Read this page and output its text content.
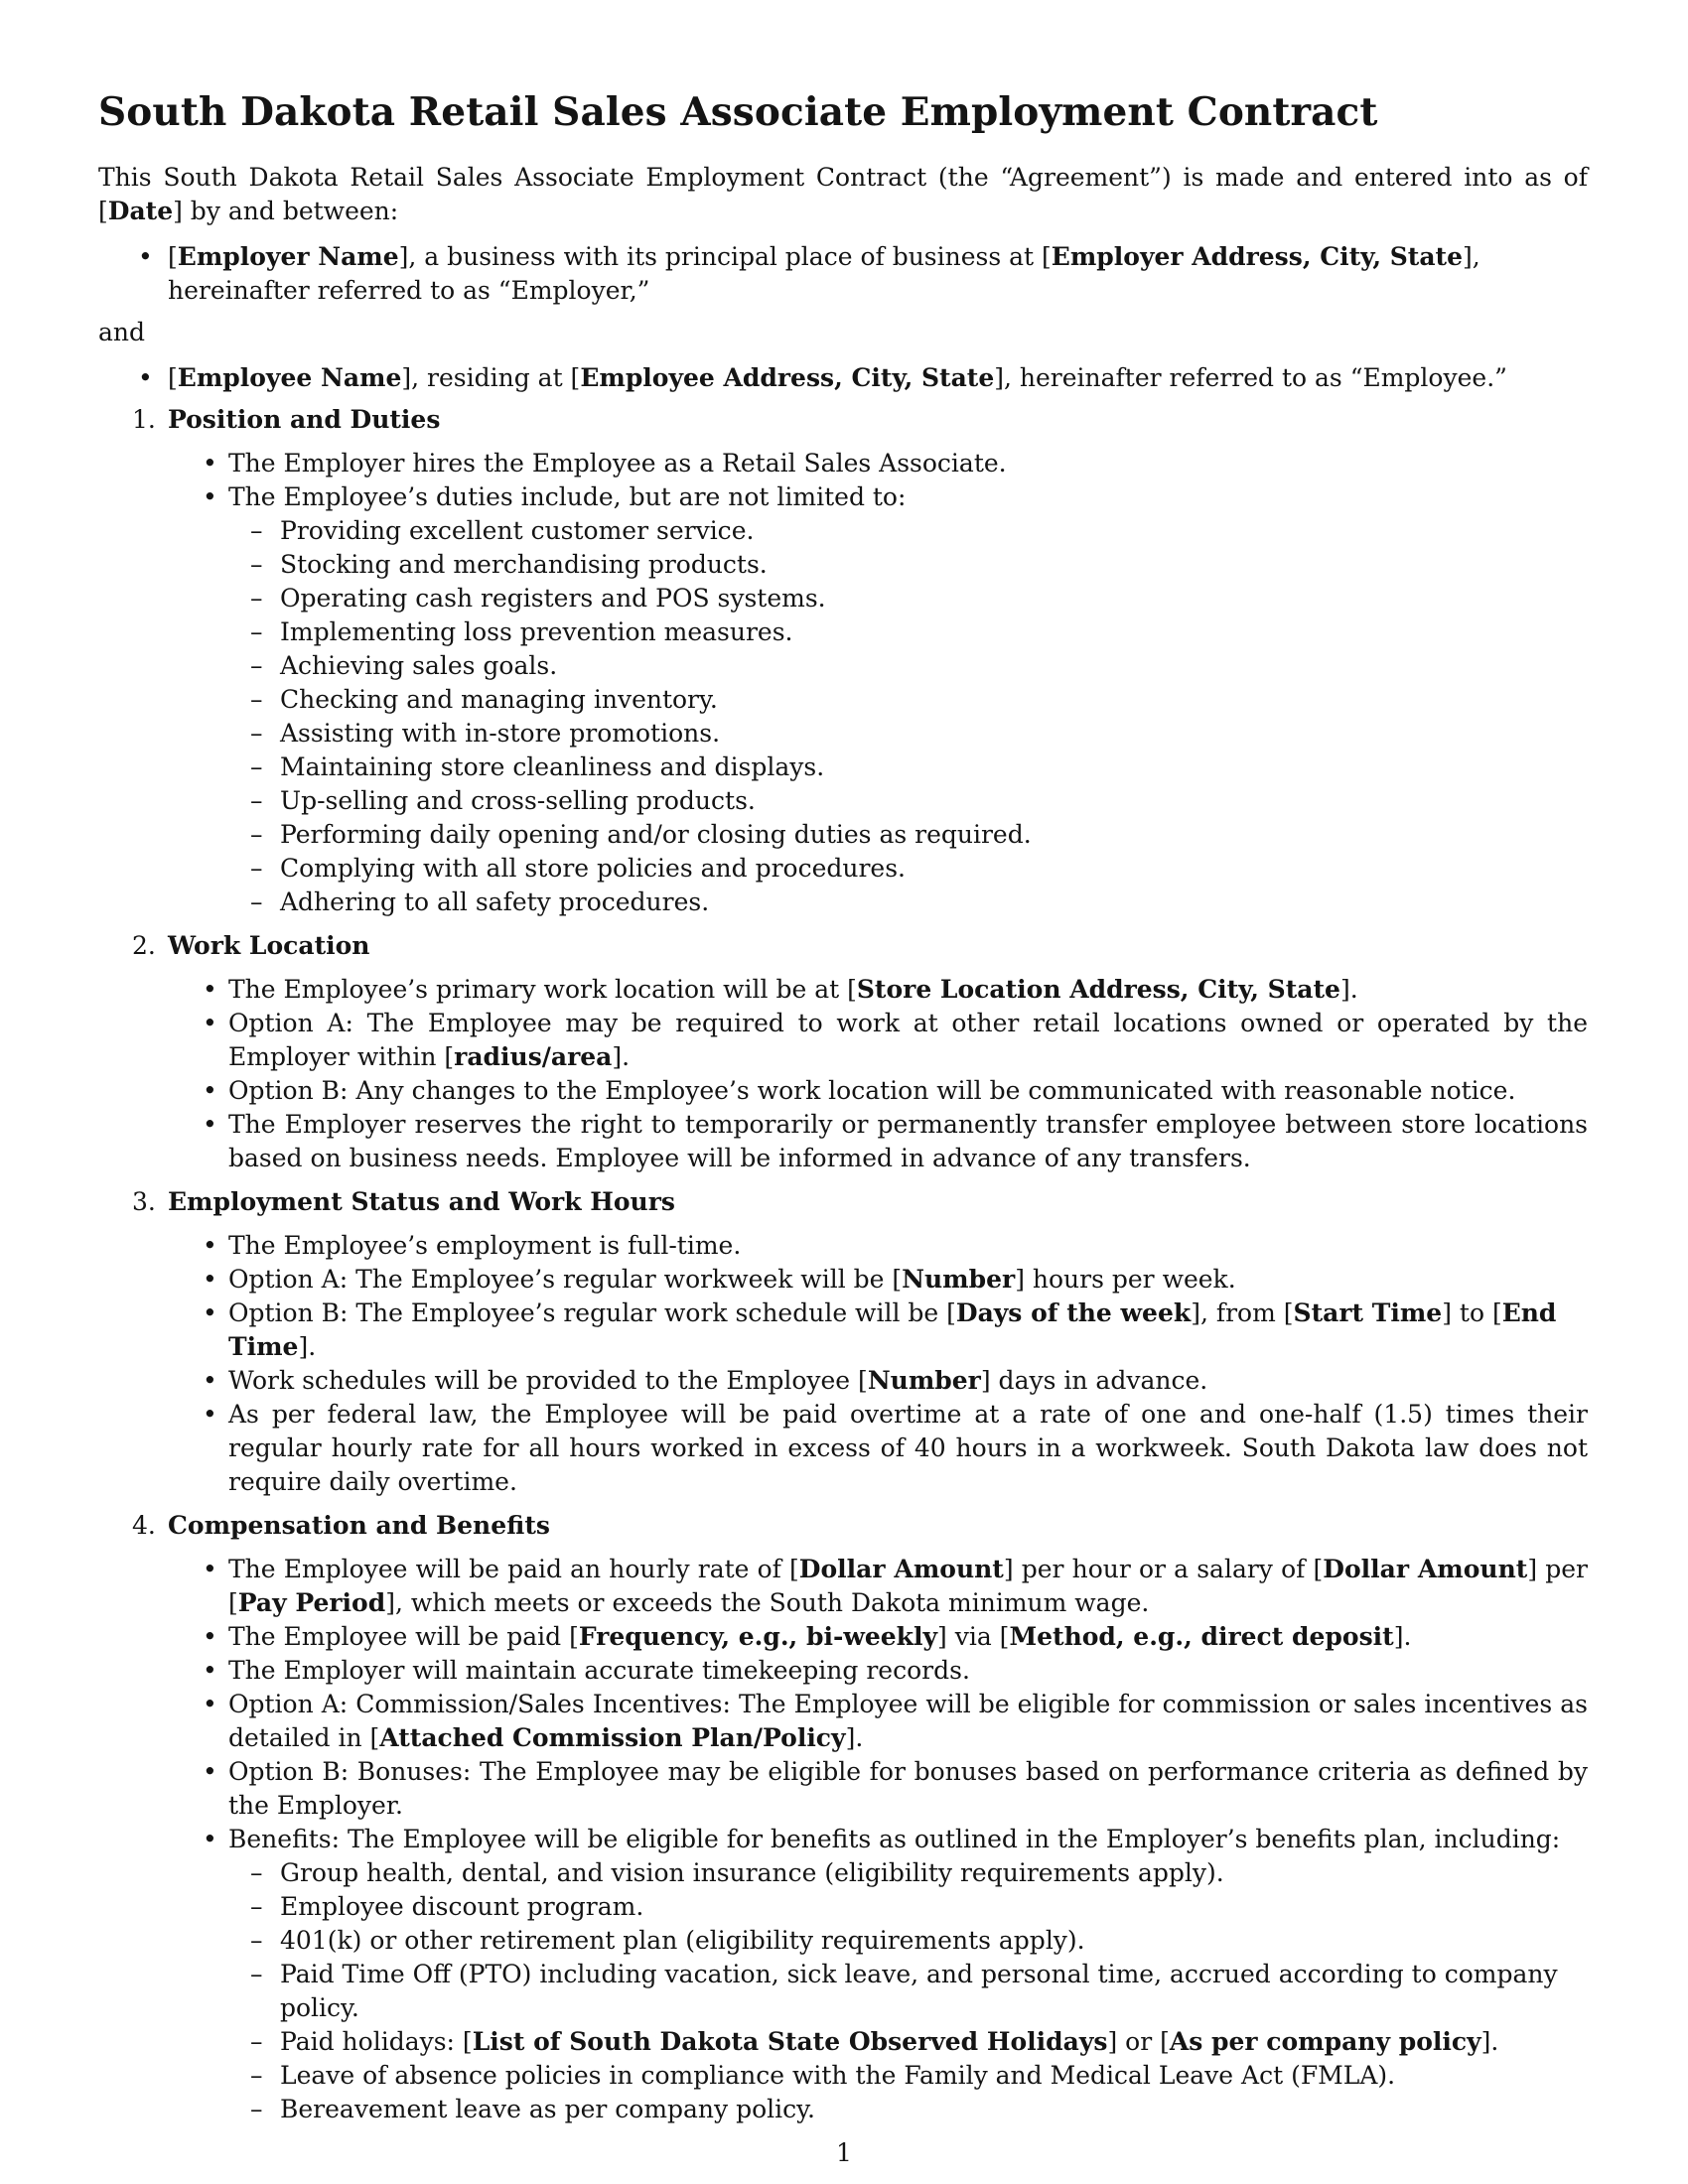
South Dakota Retail Sales Associate Employment Contract

This South Dakota Retail Sales Associate Employment Contract (the “Agreement”) is made and entered into as of [Date] by and between:

• [Employer Name], a business with its principal place of business at [Employer Address, City, State], hereinafter referred to as “Employer,”

and

• [Employee Name], residing at [Employee Address, City, State], hereinafter referred to as “Employee.”
1. Position and Duties
• The Employer hires the Employee as a Retail Sales Associate.
• The Employee’s duties include, but are not limited to:
– Providing excellent customer service.
– Stocking and merchandising products.
– Operating cash registers and POS systems.
– Implementing loss prevention measures.
– Achieving sales goals.
– Checking and managing inventory.
– Assisting with in-store promotions.
– Maintaining store cleanliness and displays.
– Up-selling and cross-selling products.
– Performing daily opening and/or closing duties as required.
– Complying with all store policies and procedures.
– Adhering to all safety procedures.
2. Work Location
• The Employee’s primary work location will be at [Store Location Address, City, State].
• Option A: The Employee may be required to work at other retail locations owned or operated by the Employer within [radius/area].
• Option B: Any changes to the Employee’s work location will be communicated with reasonable notice.
• The Employer reserves the right to temporarily or permanently transfer employee between store locations based on business needs. Employee will be informed in advance of any transfers.
3. Employment Status and Work Hours
• The Employee’s employment is full-time.
• Option A: The Employee’s regular workweek will be [Number] hours per week.
• Option B: The Employee’s regular work schedule will be [Days of the week], from [Start Time] to [End Time].
• Work schedules will be provided to the Employee [Number] days in advance.
• As per federal law, the Employee will be paid overtime at a rate of one and one-half (1.5) times their regular hourly rate for all hours worked in excess of 40 hours in a workweek. South Dakota law does not require daily overtime.
4. Compensation and Benefits
• The Employee will be paid an hourly rate of [Dollar Amount] per hour or a salary of [Dollar Amount] per [Pay Period], which meets or exceeds the South Dakota minimum wage.
• The Employee will be paid [Frequency, e.g., bi-weekly] via [Method, e.g., direct deposit].
• The Employer will maintain accurate timekeeping records.
• Option A: Commission/Sales Incentives: The Employee will be eligible for commission or sales incentives as detailed in [Attached Commission Plan/Policy].
• Option B: Bonuses: The Employee may be eligible for bonuses based on performance criteria as defined by the Employer.
• Benefits: The Employee will be eligible for benefits as outlined in the Employer’s benefits plan, including:
– Group health, dental, and vision insurance (eligibility requirements apply).
– Employee discount program.
– 401(k) or other retirement plan (eligibility requirements apply).
– Paid Time Off (PTO) including vacation, sick leave, and personal time, accrued according to company policy.
– Paid holidays: [List of South Dakota State Observed Holidays] or [As per company policy].
– Leave of absence policies in compliance with the Family and Medical Leave Act (FMLA).
– Bereavement leave as per company policy.
1
